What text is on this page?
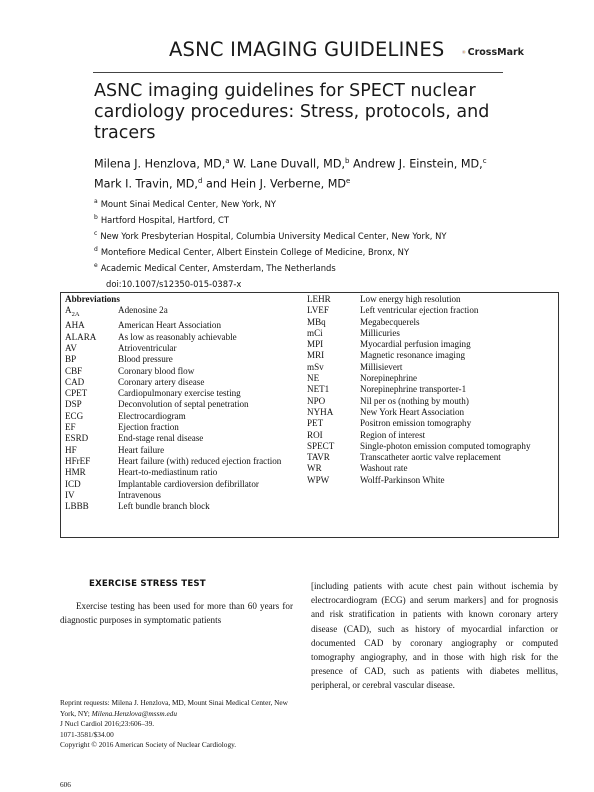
ASNC IMAGING GUIDELINES CrossMark
ASNC imaging guidelines for SPECT nuclear cardiology procedures: Stress, protocols, and tracers
Milena J. Henzlova, MD,$^a$ W. Lane Duvall, MD,$^b$ Andrew J. Einstein, MD,$^c$
Mark I. Travin, MD,$^d$ and Hein J. Verberne, MDe
$^a$ Mount Sinai Medical Center, New York, NY
$^b$ Hartford Hospital, Hartford, CT
$^c$ New York Presbyterian Hospital, Columbia University Medical Center, New York, NY
$^d$ Montefiore Medical Center, Albert Einstein College of Medicine, Bronx, NY
$^e$ Academic Medical Center, Amsterdam, The Netherlands
doi:10.1007/s12350-015-0387-x
Abbreviations
$A_{2A}$	Adenosine 2a
AHA	American Heart Association
ALARA	As low as reasonably achievable
AV	Atrioventricular
BP	Blood pressure
CBF	Coronary blood flow
CAD	Coronary artery disease
CPET	Cardiopulmonary exercise testing
DSP	Deconvolution of septal penetration
ECG	Electrocardiogram
EF	Ejection fraction
ESRD	End-stage renal disease
HF	Heart failure
HFrEF	Heart failure (with) reduced ejection fraction
HMR	Heart-to-mediastinum ratio
ICD	Implantable cardioversion defibrillator
IV	Intravenous
LBBB	Left bundle branch block
LEHR	Low energy high resolution
LVEF	Left ventricular ejection fraction
MBq	Megabecquerels
mCi	Millicuries
MPI	Myocardial perfusion imaging
MRI	Magnetic resonance imaging
mSv	Millisievert
NE	Norepinephrine
NET1	Norepinephrine transporter-1
NPO	Nil per os (nothing by mouth)
NYHA	New York Heart Association
PET	Positron emission tomography
ROI	Region of interest
SPECT	Single-photon emission computed tomography
TAVR	Transcatheter aortic valve replacement
WR	Washout rate
WPW	Wolff-Parkinson White
EXERCISE STRESS TEST
Exercise testing has been used for more than 60 years for diagnostic purposes in symptomatic patients
[including patients with acute chest pain without ischemia by electrocardiogram (ECG) and serum markers] and for prognosis and risk stratification in patients with known coronary artery disease (CAD), such as history of myocardial infarction or documented CAD by coronary angiography or computed tomography angiography, and in those with high risk for the presence of CAD, such as patients with diabetes mellitus, peripheral, or cerebral vascular disease.
Reprint requests: Milena J. Henzlova, MD, Mount Sinai Medical Center, New York, NY; Milena.Henzlova@mssm.edu
J Nucl Cardiol 2016;23:606–39.
1071-3581/$34.00
Copyright © 2016 American Society of Nuclear Cardiology.
606
